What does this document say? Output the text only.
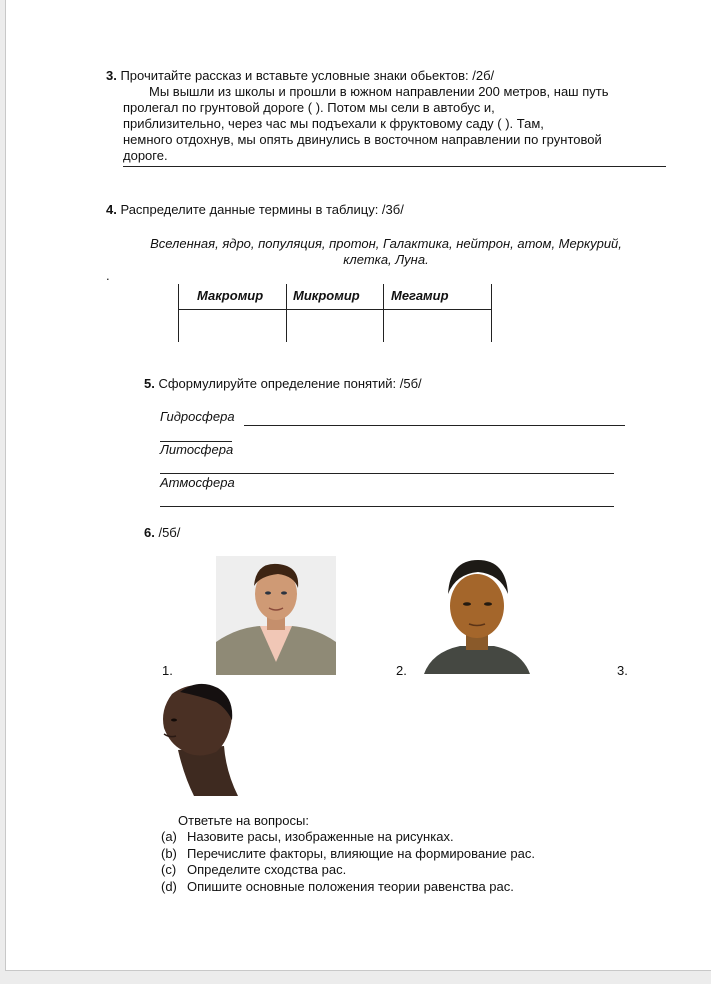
3. Прочитайте рассказ и вставьте условные знаки обьектов: /2б/
Мы вышли из школы и прошли в южном направлении 200 метров, наш путь
пролегал по грунтовой дороге ( ). Потом мы сели в автобус и,
приблизительно, через час мы подъехали к фруктовому саду ( ). Там,
немного отдохнув, мы опять двинулись в восточном направлении по грунтовой
дороге.
4. Распределите данные термины в таблицу: /3б/
Вселенная, ядро, популяция, протон, Галактика, нейтрон, атом, Меркурий,
клетка, Луна.
.
Макромир Микромир Мегамир
5. Сформулируйте определение понятий: /5б/
Гидросфера
Литосфера
Атмосфера
6. /5б/
1.	2.	3.
Ответьте на вопросы:
(a) Назовите расы, изображенные на рисунках.
(b) Перечислите факторы, влияющие на формирование рас.
(c) Определите сходства рас.
(d) Опишите основные положения теории равенства рас.
